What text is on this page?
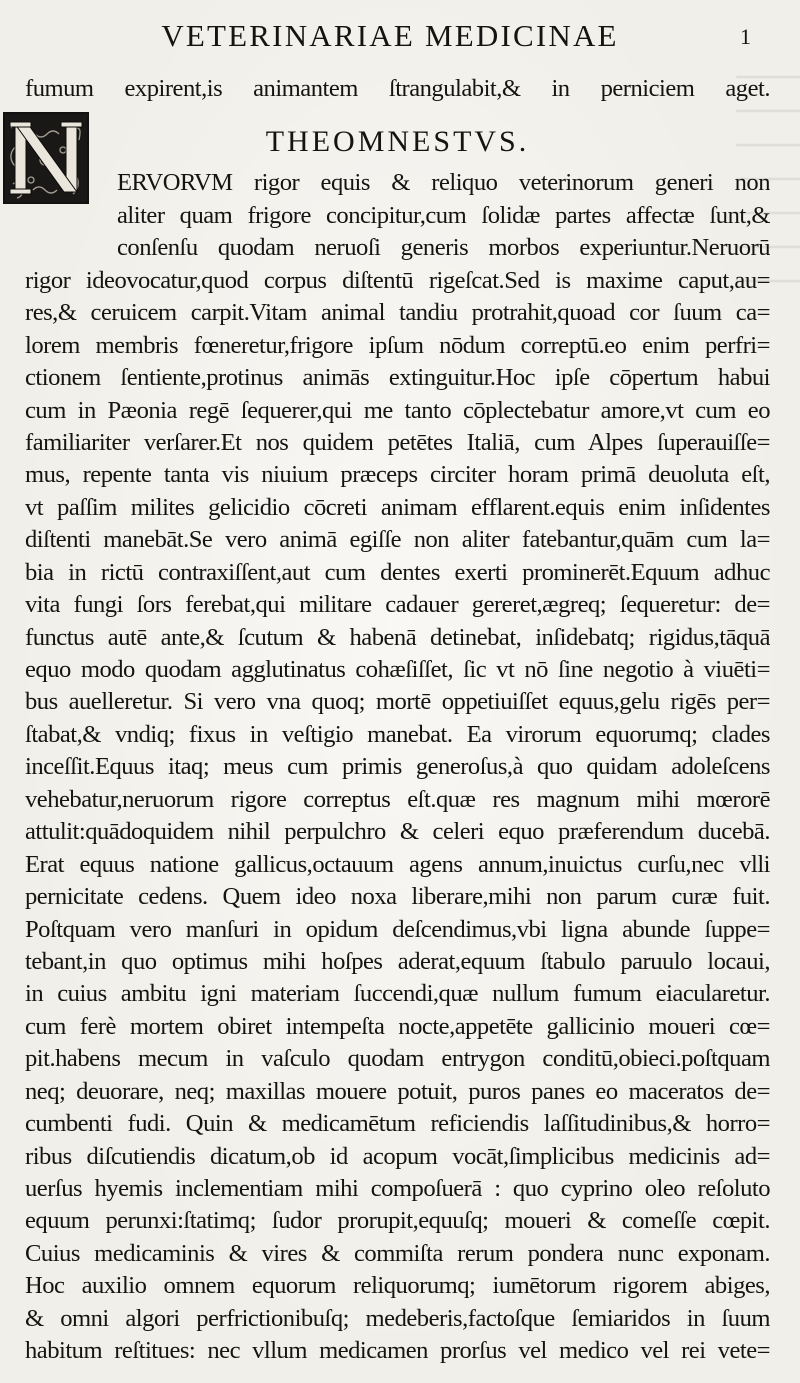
VETERINARIAE MEDICINAE	1
fumum expirent,is animantem ſtrangulabit,& in perniciem aget.
THEOMNESTVS.
ERVORVM rigor equis & reliquo veterinorum generi non
aliter quam frigore concipitur,cum ſolidæ partes affectæ ſunt,&
conſenſu quodam neruoſi generis morbos experiuntur.Neruorū
rigor ideovocatur,quod corpus diſtentū rigeſcat.Sed is maxime caput,au=
res,& ceruicem carpit.Vitam animal tandiu protrahit,quoad cor ſuum ca=
lorem membris fœneretur,frigore ipſum nōdum correptū.eo enim perfri=
ctionem ſentiente,protinus animās extinguitur.Hoc ipſe cōpertum habui
cum in Pæonia regē ſequerer,qui me tanto cōplectebatur amore,vt cum eo
familiariter verſarer.Et nos quidem petētes Italiā, cum Alpes ſuperauiſſe=
mus, repente tanta vis niuium præceps circiter horam primā deuoluta eſt,
vt paſſim milites gelicidio cōcreti animam efflarent.equis enim inſidentes
diſtenti manebāt.Se vero animā egiſſe non aliter fatebantur,quām cum la=
bia in rictū contraxiſſent,aut cum dentes exerti prominerēt.Equum adhuc
vita fungi ſors ferebat,qui militare cadauer gereret,ægreq; ſequeretur: de=
functus autē ante,& ſcutum & habenā detinebat, inſidebatq; rigidus,tāquā
equo modo quodam agglutinatus cohæſiſſet, ſic vt nō ſine negotio à viuēti=
bus auelleretur. Si vero vna quoq; mortē oppetiuiſſet equus,gelu rigēs per=
ſtabat,& vndiq; fixus in veſtigio manebat. Ea virorum equorumq; clades
inceſſit.Equus itaq; meus cum primis generoſus,à quo quidam adoleſcens
vehebatur,neruorum rigore correptus eſt.quæ res magnum mihi mœrorē
attulit:quādoquidem nihil perpulchro & celeri equo præferendum ducebā.
Erat equus natione gallicus,octauum agens annum,inuictus curſu,nec vlli
pernicitate cedens. Quem ideo noxa liberare,mihi non parum curæ fuit.
Poſtquam vero manſuri in opidum deſcendimus,vbi ligna abunde ſuppe=
tebant,in quo optimus mihi hoſpes aderat,equum ſtabulo paruulo locaui,
in cuius ambitu igni materiam ſuccendi,quæ nullum fumum eiacularetur.
cum ferè mortem obiret intempeſta nocte,appetēte gallicinio moueri cœ=
pit.habens mecum in vaſculo quodam entrygon conditū,obieci.poſtquam
neq; deuorare, neq; maxillas mouere potuit, puros panes eo maceratos de=
cumbenti fudi. Quin & medicamētum reficiendis laſſitudinibus,& horro=
ribus diſcutiendis dicatum,ob id acopum vocāt,ſimplicibus medicinis ad=
uerſus hyemis inclementiam mihi compoſuerā : quo cyprino oleo reſoluto
equum perunxi:ſtatimq; ſudor prorupit,equuſq; moueri & comeſſe cœpit.
Cuius medicaminis & vires & commiſta rerum pondera nunc exponam.
Hoc auxilio omnem equorum reliquorumq; iumētorum rigorem abiges,
& omni algori perfrictionibuſq; medeberis,factoſque ſemiaridos in ſuum
habitum reſtitues: nec vllum medicamen prorſus vel medico vel rei vete=
